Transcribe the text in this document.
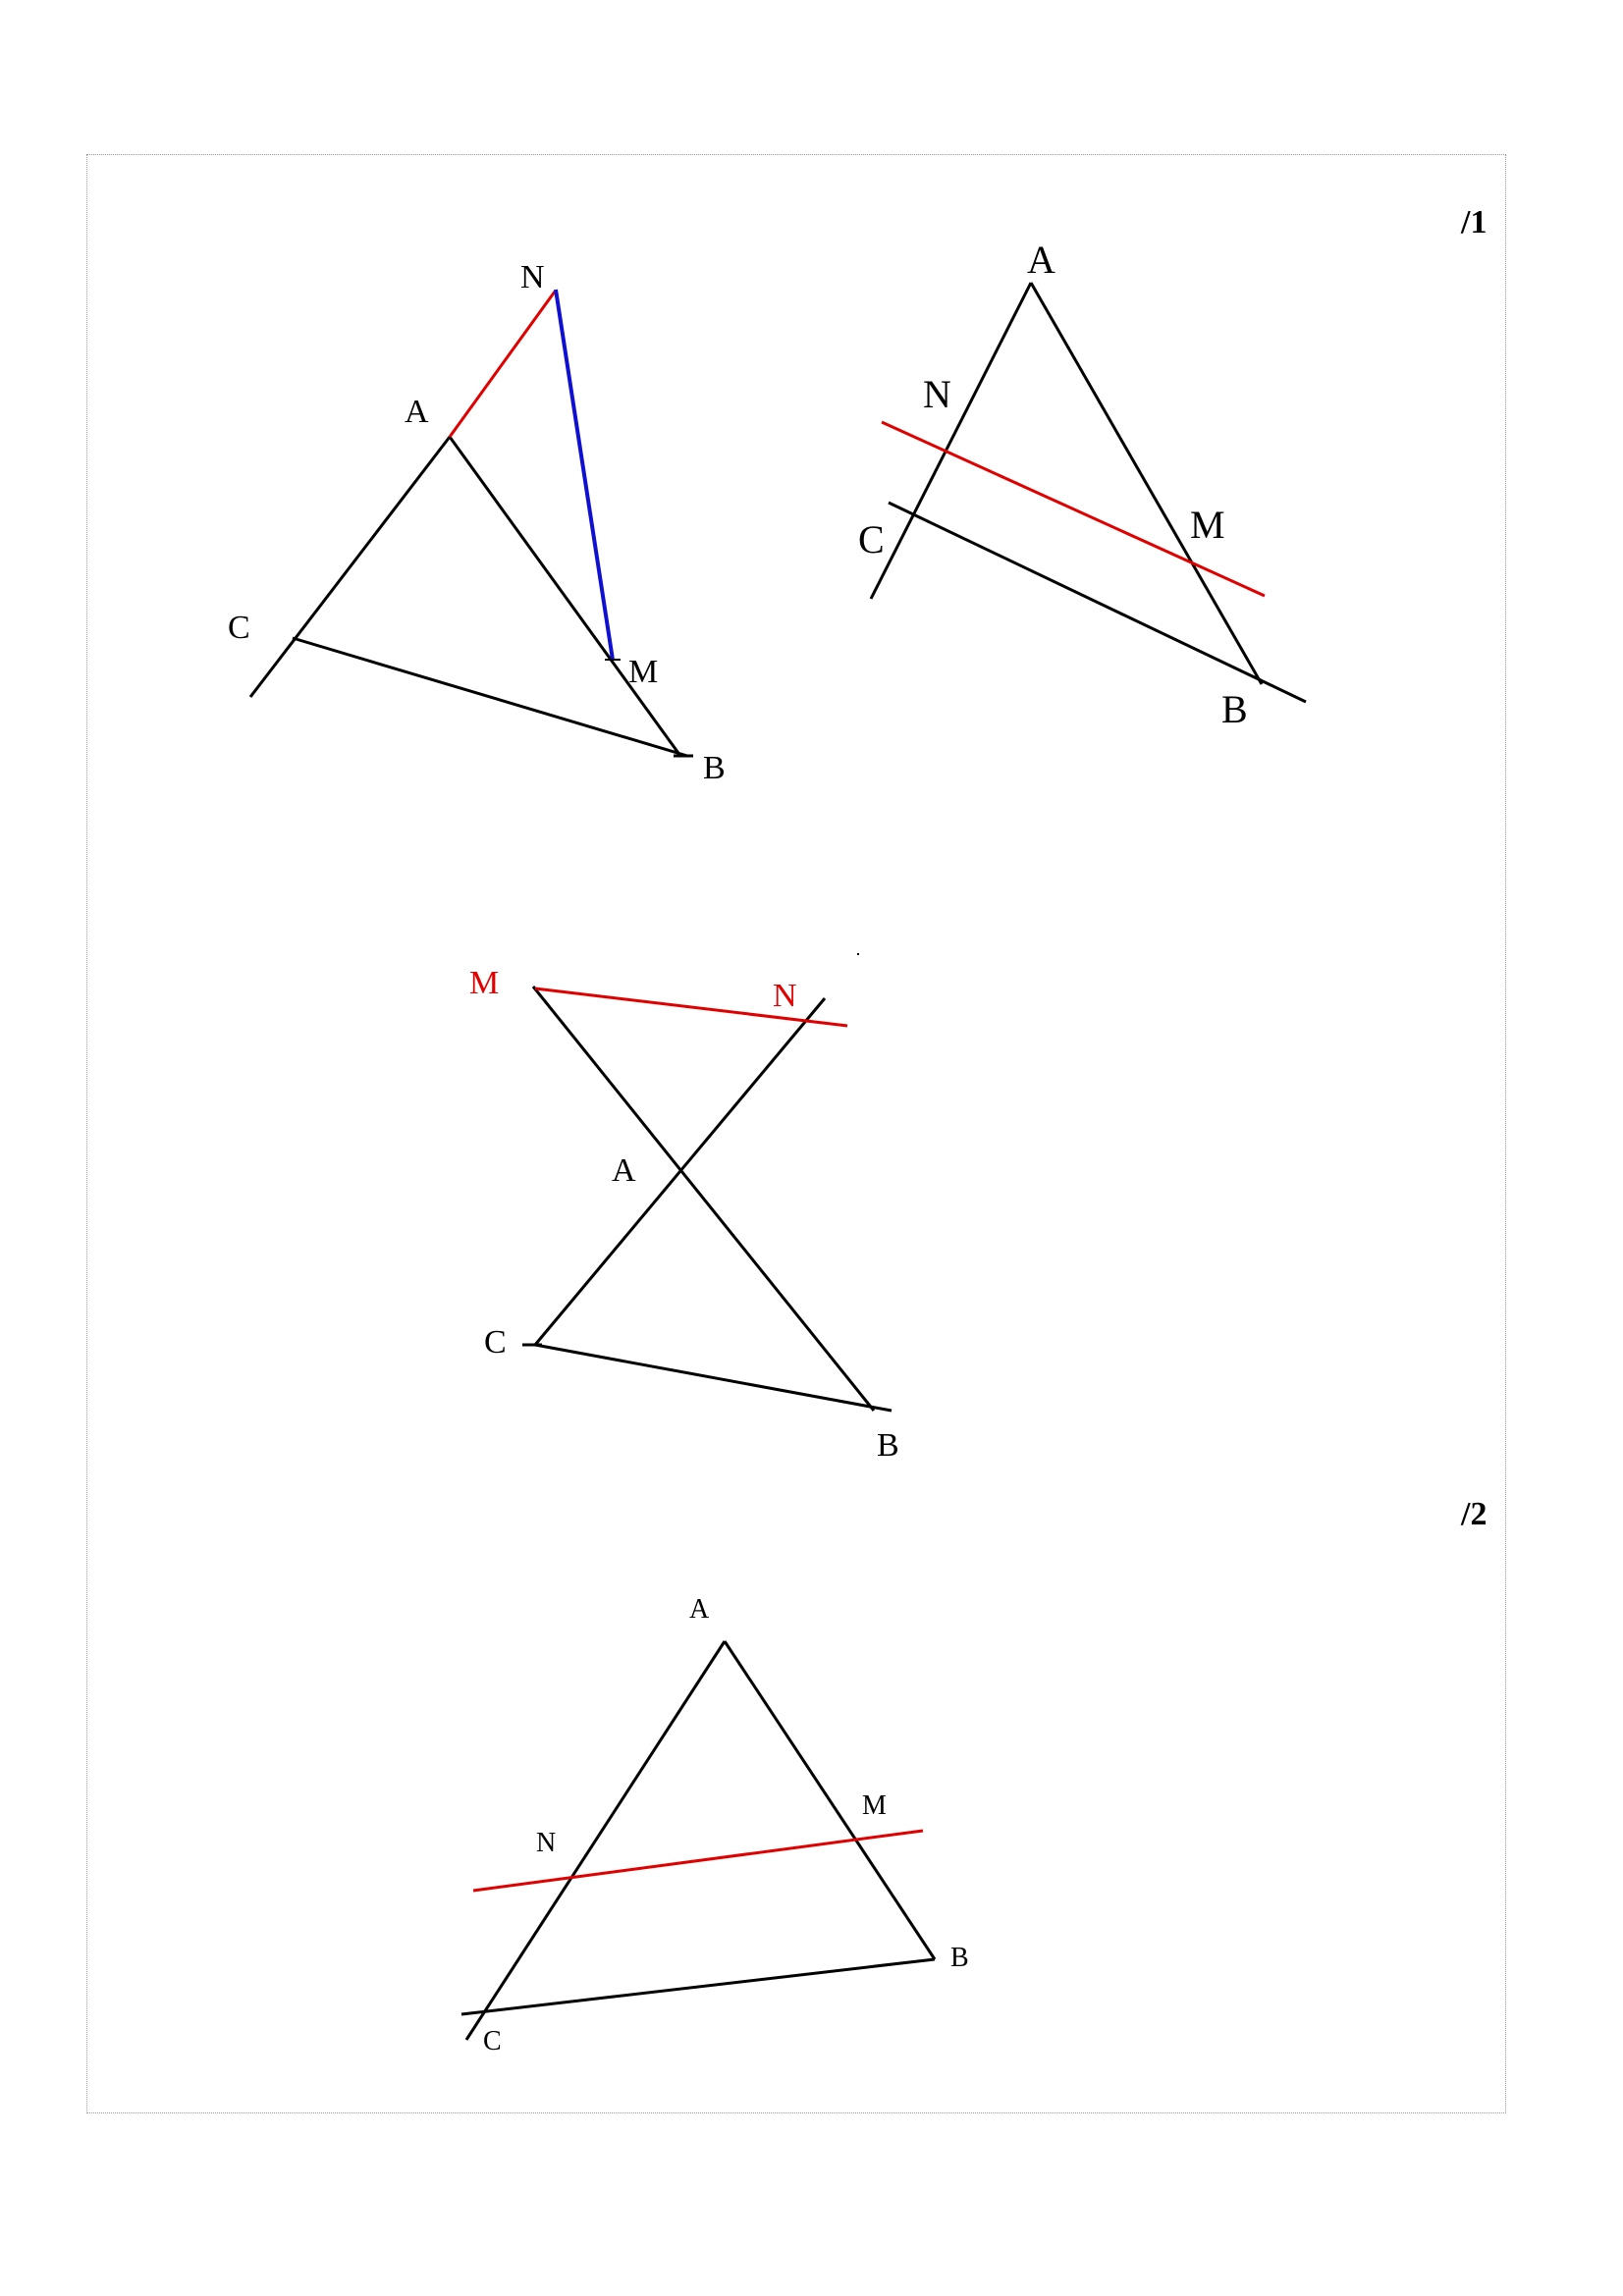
/1
/2
N
A
C
M
B
A
N
C	M
B
M	N
A
C
B
A
M
N
B
C
